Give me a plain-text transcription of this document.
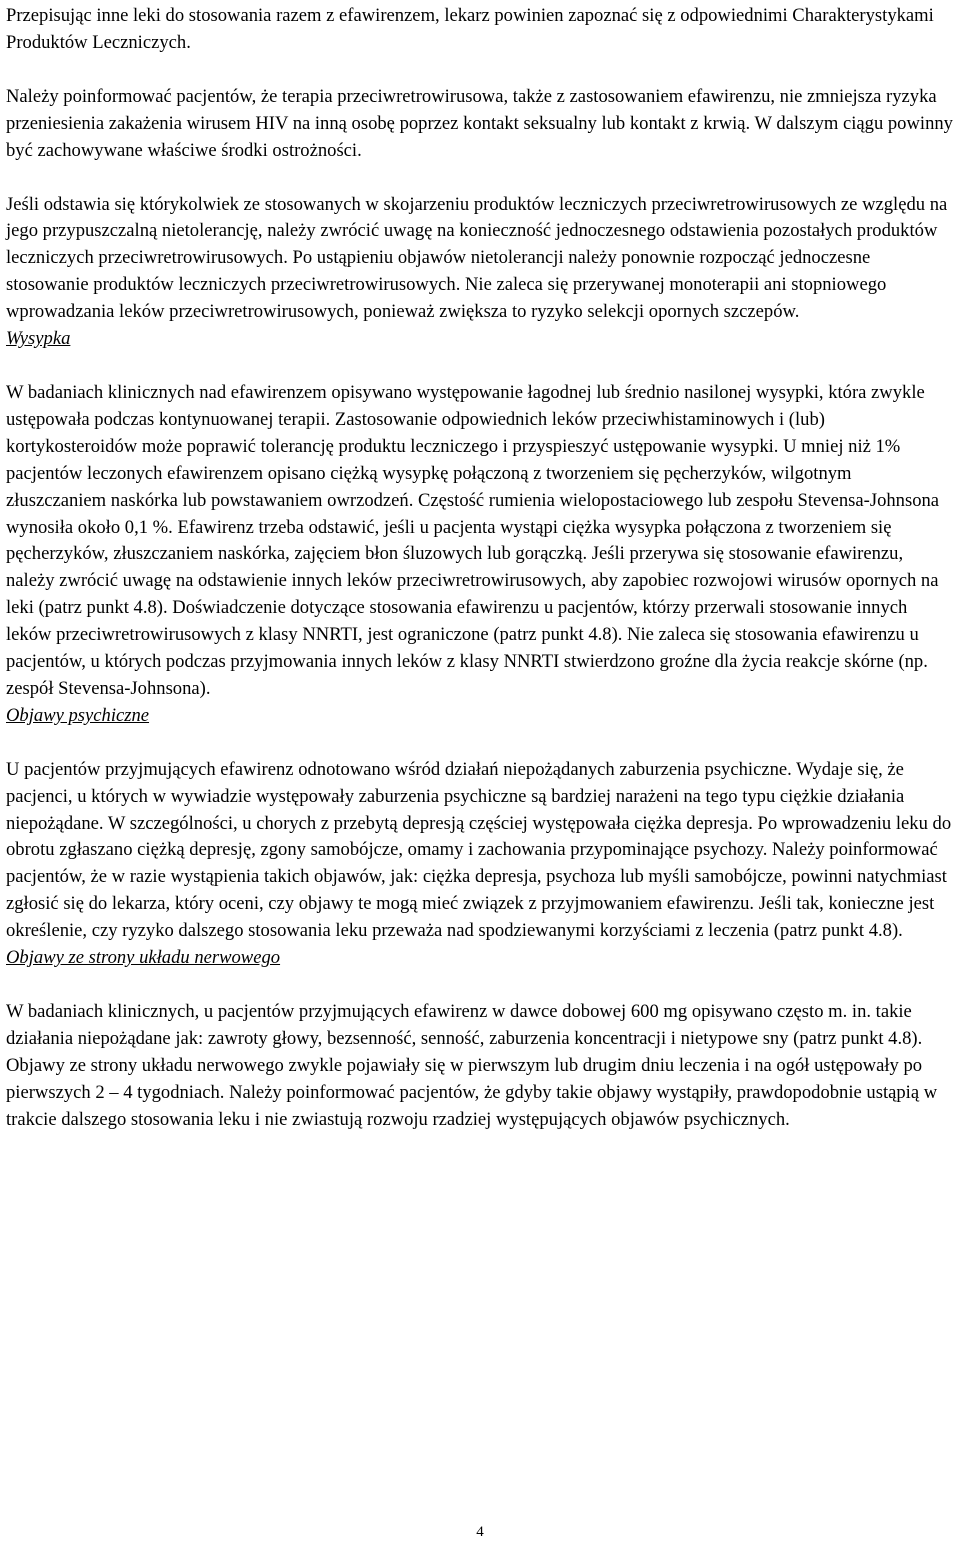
Przepisując inne leki do stosowania razem z efawirenzem, lekarz powinien zapoznać się z odpowiednimi Charakterystykami Produktów Leczniczych.

Należy poinformować pacjentów, że terapia przeciwretrowirusowa, także z zastosowaniem efawirenzu, nie zmniejsza ryzyka przeniesienia zakażenia wirusem HIV na inną osobę poprzez kontakt seksualny lub kontakt z krwią. W dalszym ciągu powinny być zachowywane właściwe środki ostrożności.

Jeśli odstawia się którykolwiek ze stosowanych w skojarzeniu produktów leczniczych przeciwretrowirusowych ze względu na jego przypuszczalną nietolerancję, należy zwrócić uwagę na konieczność jednoczesnego odstawienia pozostałych produktów leczniczych przeciwretrowirusowych. Po ustąpieniu objawów nietolerancji należy ponownie rozpocząć jednoczesne stosowanie produktów leczniczych przeciwretrowirusowych. Nie zaleca się przerywanej monoterapii ani stopniowego wprowadzania leków przeciwretrowirusowych, ponieważ zwiększa to ryzyko selekcji opornych szczepów.

Wysypka

W badaniach klinicznych nad efawirenzem opisywano występowanie łagodnej lub średnio nasilonej wysypki, która zwykle ustępowała podczas kontynuowanej terapii. Zastosowanie odpowiednich leków przeciwhistaminowych i (lub) kortykosteroidów może poprawić tolerancję produktu leczniczego i przyspieszyć ustępowanie wysypki. U mniej niż 1% pacjentów leczonych efawirenzem opisano ciężką wysypkę połączoną z tworzeniem się pęcherzyków, wilgotnym złuszczaniem naskórka lub powstawaniem owrzodzeń. Częstość rumienia wielopostaciowego lub zespołu Stevensa-Johnsona wynosiła około 0,1 %. Efawirenz trzeba odstawić, jeśli u pacjenta wystąpi ciężka wysypka połączona z tworzeniem się pęcherzyków, złuszczaniem naskórka, zajęciem błon śluzowych lub gorączką. Jeśli przerywa się stosowanie efawirenzu, należy zwrócić uwagę na odstawienie innych leków przeciwretrowirusowych, aby zapobiec rozwojowi wirusów opornych na leki (patrz punkt 4.8). Doświadczenie dotyczące stosowania efawirenzu u pacjentów, którzy przerwali stosowanie innych leków przeciwretrowirusowych z klasy NNRTI, jest ograniczone (patrz punkt 4.8). Nie zaleca się stosowania efawirenzu u pacjentów, u których podczas przyjmowania innych leków z klasy NNRTI stwierdzono groźne dla życia reakcje skórne (np. zespół Stevensa-Johnsona).

Objawy psychiczne

U pacjentów przyjmujących efawirenz odnotowano wśród działań niepożądanych zaburzenia psychiczne. Wydaje się, że pacjenci, u których w wywiadzie występowały zaburzenia psychiczne są bardziej narażeni na tego typu ciężkie działania niepożądane. W szczególności, u chorych z przebytą depresją częściej występowała ciężka depresja. Po wprowadzeniu leku do obrotu zgłaszano ciężką depresję, zgony samobójcze, omamy i zachowania przypominające psychozy. Należy poinformować pacjentów, że w razie wystąpienia takich objawów, jak: ciężka depresja, psychoza lub myśli samobójcze, powinni natychmiast zgłosić się do lekarza, który oceni, czy objawy te mogą mieć związek z przyjmowaniem efawirenzu. Jeśli tak, konieczne jest określenie, czy ryzyko dalszego stosowania leku przeważa nad spodziewanymi korzyściami z leczenia (patrz punkt 4.8).

Objawy ze strony układu nerwowego

W badaniach klinicznych, u pacjentów przyjmujących efawirenz w dawce dobowej 600 mg opisywano często m. in. takie działania niepożądane jak: zawroty głowy, bezsenność, senność, zaburzenia koncentracji i nietypowe sny (patrz punkt 4.8). Objawy ze strony układu nerwowego zwykle pojawiały się w pierwszym lub drugim dniu leczenia i na ogół ustępowały po pierwszych 2 – 4 tygodniach. Należy poinformować pacjentów, że gdyby takie objawy wystąpiły, prawdopodobnie ustąpią w trakcie dalszego stosowania leku i nie zwiastują rozwoju rzadziej występujących objawów psychicznych.

4
